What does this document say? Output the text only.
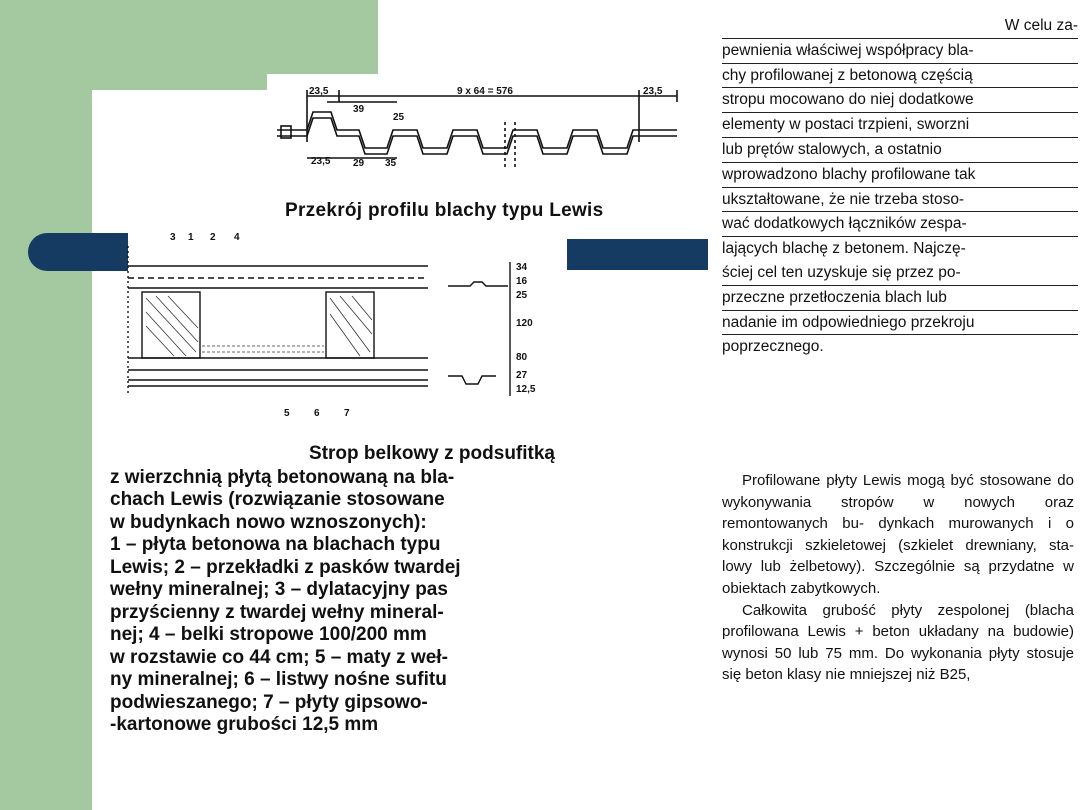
23,5	9 x 64 = 576	23,5
39
25
23,5 29 35
Przekrój profilu blachy typu Lewis
3 1 2 4
5 6 7
34
16
25
120
80
27
12,5
Strop belkowy z podsufitką
z wierzchnią płytą betonowaną na bla-
chach Lewis (rozwiązanie stosowane
w budynkach nowo wznoszonych):
1 – płyta betonowa na blachach typu
Lewis; 2 – przekładki z pasków twardej
wełny mineralnej; 3 – dylatacyjny pas
przyścienny z twardej wełny mineral-
nej; 4 – belki stropowe 100/200 mm
w rozstawie co 44 cm; 5 – maty z weł-
ny mineralnej; 6 – listwy nośne sufitu
podwieszanego; 7 – płyty gipsowo-
-kartonowe grubości 12,5 mm
W celu za-
pewnienia właściwej współpracy bla-
chy profilowanej z betonową częścią
stropu mocowano do niej dodatkowe
elementy w postaci trzpieni, sworzni
lub prętów stalowych, a ostatnio
wprowadzono blachy profilowane tak
ukształtowane, że nie trzeba stoso-
wać dodatkowych łączników zespa-
lających blachę z betonem. Najczę-
ściej cel ten uzyskuje się przez po-
przeczne przetłoczenia blach lub
nadanie im odpowiedniego przekroju
poprzecznego.

Profilowane płyty Lewis mogą być stosowane do wykonywania stropów w nowych oraz remontowanych bu- dynkach murowanych i o konstrukcji szkieletowej (szkielet drewniany, sta- lowy lub żelbetowy). Szczególnie są przydatne w obiektach zabytkowych.

Całkowita grubość płyty zespolonej (blacha profilowana Lewis + beton układany na budowie) wynosi 50 lub 75 mm. Do wykonania płyty stosuje się beton klasy nie mniejszej niż B25,
